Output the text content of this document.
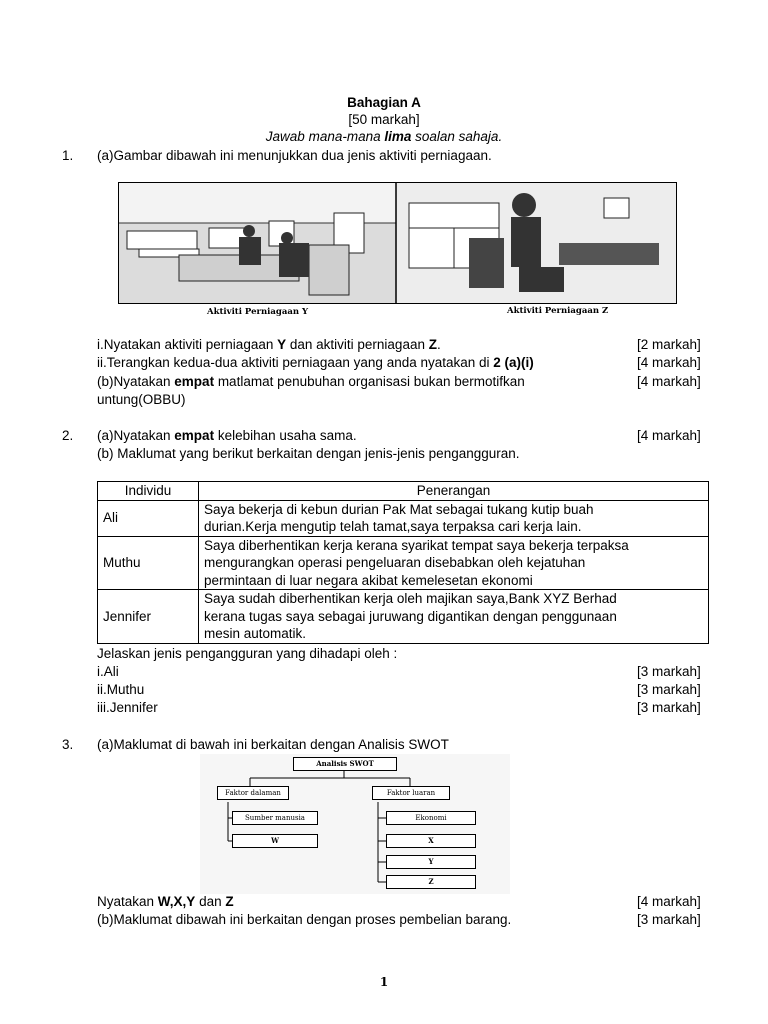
Bahagian A
[50 markah]
Jawab mana-mana lima soalan sahaja.
1. (a)Gambar dibawah ini menunjukkan dua jenis aktiviti perniagaan.
Aktiviti Perniagaan Y	Aktiviti Perniagaan Z
i.Nyatakan aktiviti perniagaan Y dan aktiviti perniagaan Z.	[2 markah]
ii.Terangkan kedua-dua aktiviti perniagaan yang anda nyatakan di 2 (a)(i)	[4 markah]
(b)Nyatakan empat matlamat penubuhan organisasi bukan bermotifkan	[4 markah]
untung(OBBU)
2. (a)Nyatakan empat kelebihan usaha sama.	[4 markah]
(b) Maklumat yang berikut berkaitan dengan jenis-jenis pengangguran.
Individu	Penerangan
Ali	Saya bekerja di kebun durian Pak Mat sebagai tukang kutip buah
durian.Kerja mengutip telah tamat,saya terpaksa cari kerja lain.

Muthu	Saya diberhentikan kerja kerana syarikat tempat saya bekerja terpaksa
mengurangkan operasi pengeluaran disebabkan oleh kejatuhan
permintaan di luar negara akibat kemelesetan ekonomi

Jennifer	Saya sudah diberhentikan kerja oleh majikan saya,Bank XYZ Berhad
kerana tugas saya sebagai juruwang digantikan dengan penggunaan
mesin automatik.
Jelaskan jenis pengangguran yang dihadapi oleh :
i.Ali	[3 markah]
ii.Muthu	[3 markah]
iii.Jennifer	[3 markah]
3. (a)Maklumat di bawah ini berkaitan dengan Analisis SWOT
Analisis SWOT
Faktor dalaman	Faktor luaran
Sumber manusia
W
Ekonomi
X
Y
Z
Nyatakan W,X,Y dan Z	[4 markah]
(b)Maklumat dibawah ini berkaitan dengan proses pembelian barang.	[3 markah]
1
